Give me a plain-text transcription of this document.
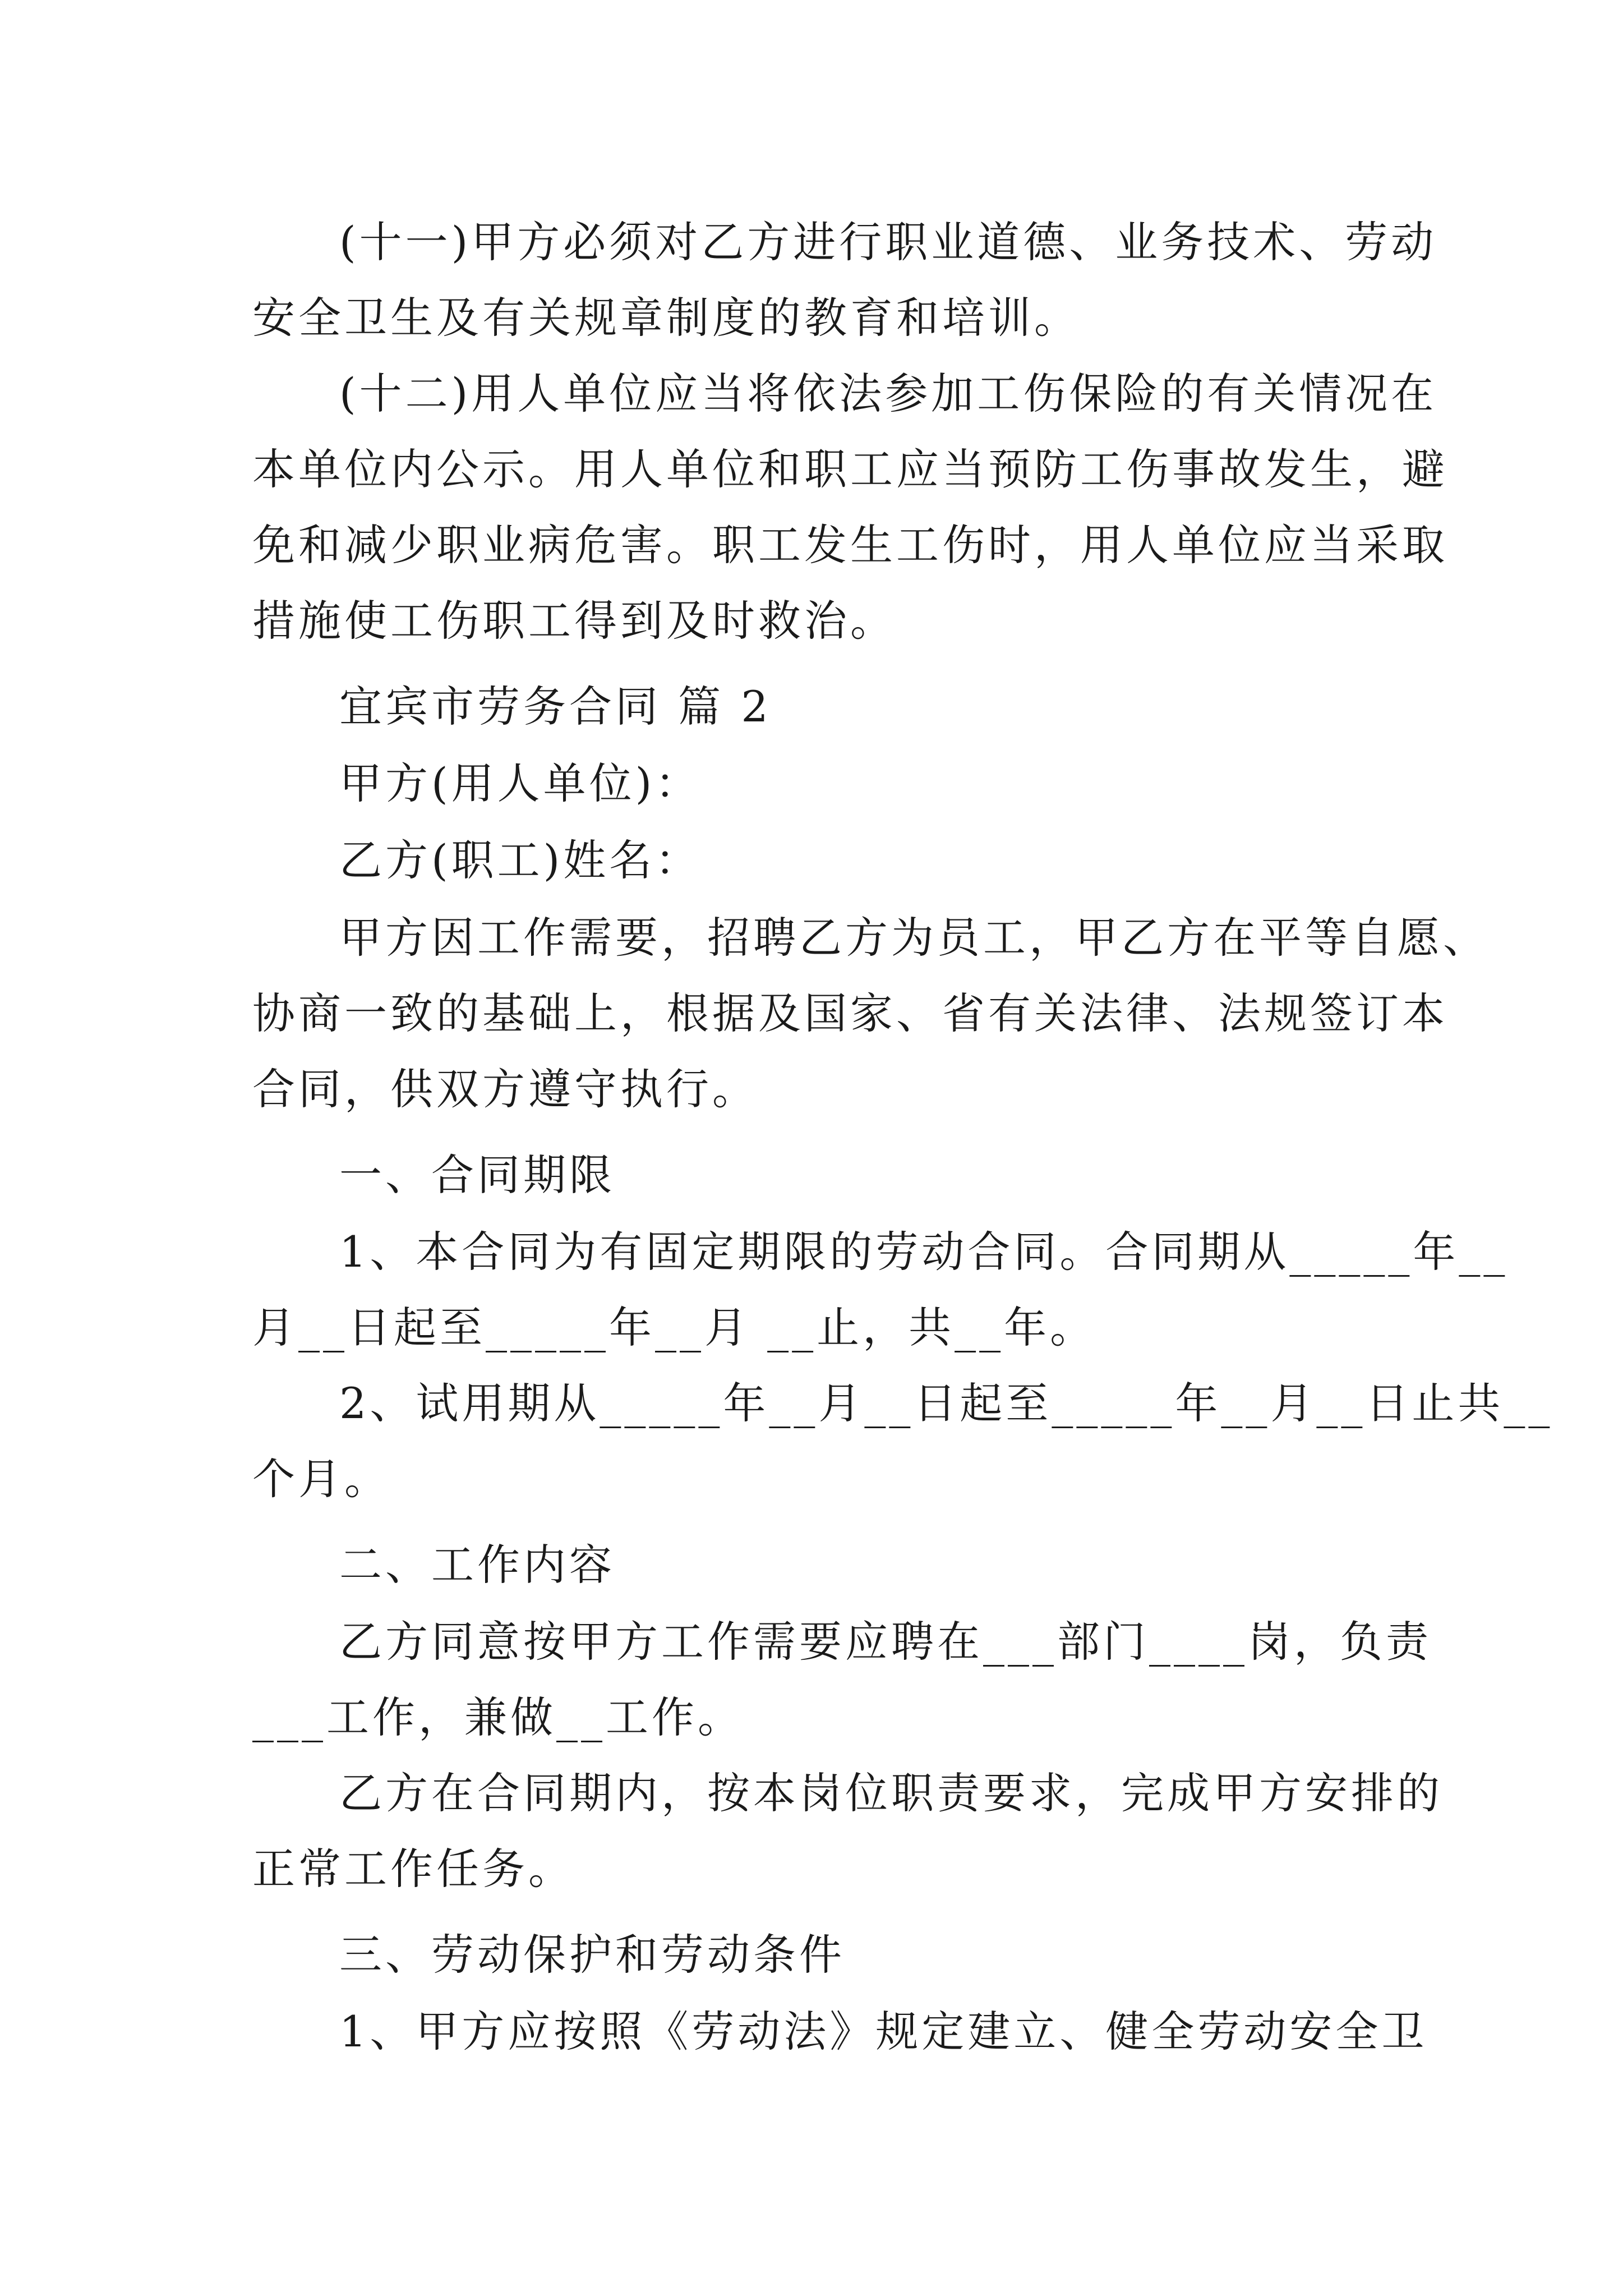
(十一)甲方必须对乙方进行职业道德、业务技术、劳动
安全卫生及有关规章制度的教育和培训。
(十二)用人单位应当将依法参加工伤保险的有关情况在
本单位内公示。用人单位和职工应当预防工伤事故发生，避
免和减少职业病危害。职工发生工伤时，用人单位应当采取
措施使工伤职工得到及时救治。
宜宾市劳务合同 篇 2
甲方(用人单位)：
乙方(职工)姓名：
甲方因工作需要，招聘乙方为员工，甲乙方在平等自愿、
协商一致的基础上，根据及国家、省有关法律、法规签订本
合同，供双方遵守执行。
一、合同期限
1、本合同为有固定期限的劳动合同。合同期从_____年__
月__日起至_____年__月 __止，共__年。
2、试用期从_____年__月__日起至_____年__月__日止共__
个月。
二、工作内容
乙方同意按甲方工作需要应聘在___部门____岗，负责
___工作，兼做__工作。
乙方在合同期内，按本岗位职责要求，完成甲方安排的
正常工作任务。
三、劳动保护和劳动条件
1、甲方应按照《劳动法》规定建立、健全劳动安全卫
